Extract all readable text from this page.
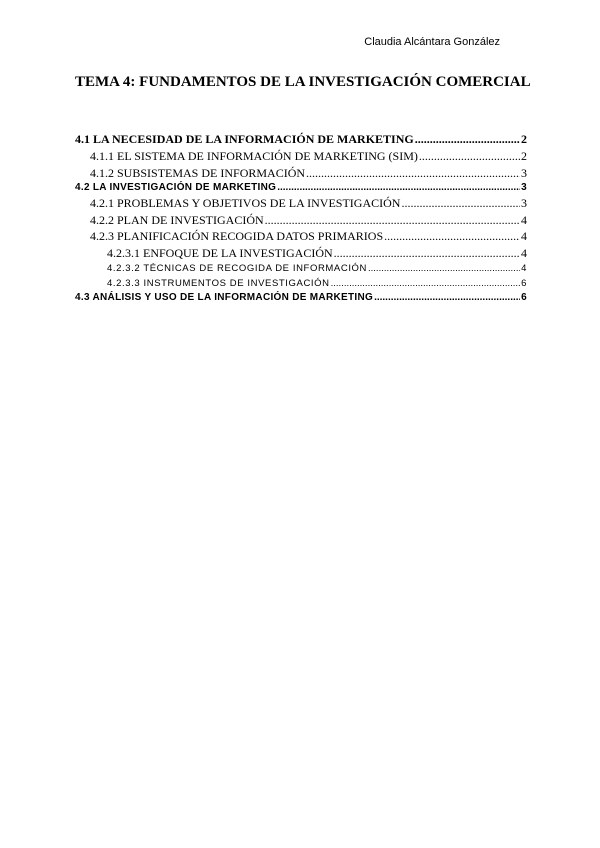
Claudia Alcántara González
TEMA 4: FUNDAMENTOS DE LA INVESTIGACIÓN COMERCIAL
4.1 LA NECESIDAD DE LA INFORMACIÓN DE MARKETING .....	2
4.1.1 EL SISTEMA DE INFORMACIÓN DE MARKETING (SIM) .....	2
4.1.2 SUBSISTEMAS DE INFORMACIÓN .....	3
4.2 LA INVESTIGACIÓN DE MARKETING .....	3
4.2.1 PROBLEMAS Y OBJETIVOS DE LA INVESTIGACIÓN .....	3
4.2.2 PLAN DE INVESTIGACIÓN .....	4
4.2.3 PLANIFICACIÓN RECOGIDA DATOS PRIMARIOS .....	4
4.2.3.1 ENFOQUE DE LA INVESTIGACIÓN .....	4
4.2.3.2 TÉCNICAS DE RECOGIDA DE INFORMACIÓN .....	4
4.2.3.3 INSTRUMENTOS DE INVESTIGACIÓN .....	6
4.3 ANÁLISIS Y USO DE LA INFORMACIÓN DE MARKETING .....	6
